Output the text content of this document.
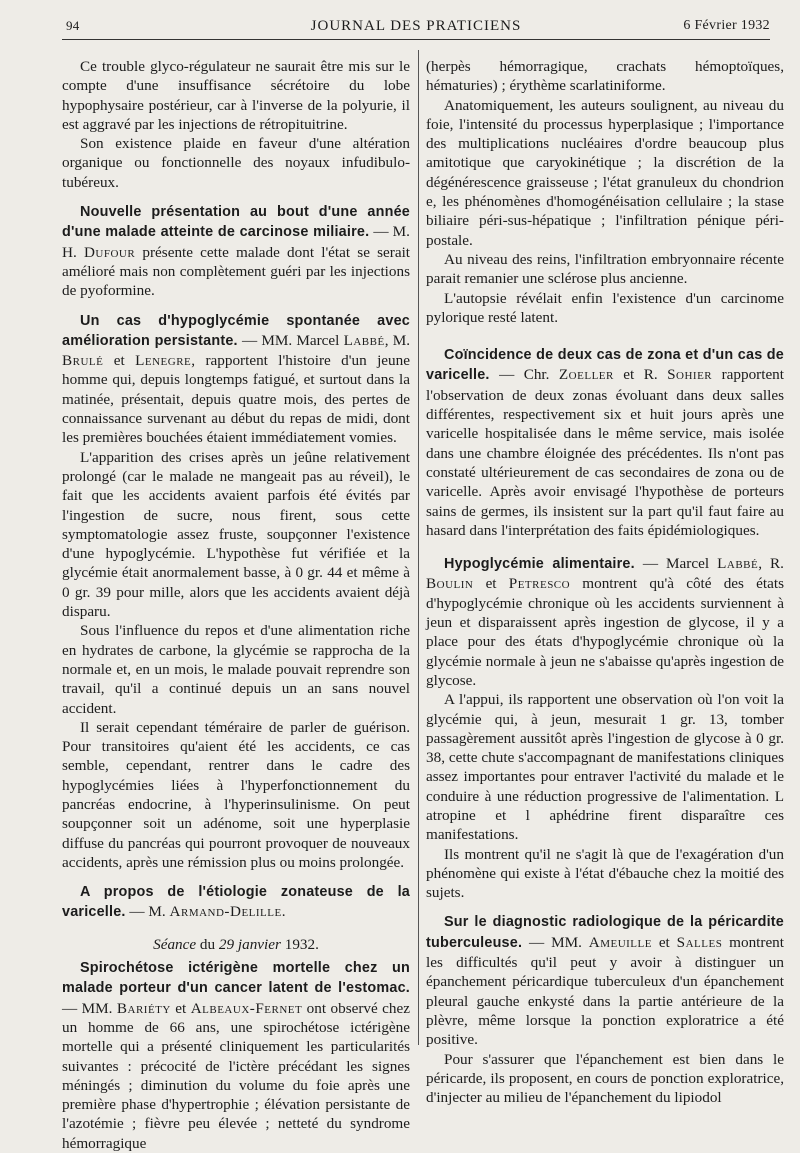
94	JOURNAL DES PRATICIENS	6 Février 1932

Ce trouble glyco-régulateur ne saurait être mis sur le compte d'une insuffisance sécrétoire du lobe hypophysaire postérieur, car à l'inverse de la polyurie, il est aggravé par les injections de rétropituitrine.

Son existence plaide en faveur d'une altération organique ou fonctionnelle des noyaux infudibulo-tubéreux.

Nouvelle présentation au bout d'une année d'une malade atteinte de carcinose miliaire. — M. H. Dufour présente cette malade dont l'état se serait amélioré mais non complètement guéri par les injections de pyoformine.

Un cas d'hypoglycémie spontanée avec amélioration persistante. — MM. Marcel Labbé, M. Brulé et Lenegre, rapportent l'histoire d'un jeune homme qui, depuis longtemps fatigué, et surtout dans la matinée, présentait, depuis quatre mois, des pertes de connaissance survenant au début du repas de midi, dont les premières bouchées étaient immédiatement vomies.

L'apparition des crises après un jeûne relativement prolongé (car le malade ne mangeait pas au réveil), le fait que les accidents avaient parfois été évités par l'ingestion de sucre, nous firent, sous cette symptomatologie assez fruste, soupçonner l'existence d'une hypoglycémie. L'hypothèse fut vérifiée et la glycémie était anormalement basse, à 0 gr. 44 et même à 0 gr. 39 pour mille, alors que les accidents avaient déjà disparu.

Sous l'influence du repos et d'une alimentation riche en hydrates de carbone, la glycémie se rapprocha de la normale et, en un mois, le malade pouvait reprendre son travail, qu'il a continué depuis un an sans nouvel accident.

Il serait cependant téméraire de parler de guérison. Pour transitoires qu'aient été les accidents, ce cas semble, cependant, rentrer dans le cadre des hypoglycémies liées à l'hyperfonctionnement du pancréas endocrine, à l'hyperinsulinisme. On peut soupçonner soit un adénome, soit une hyperplasie diffuse du pancréas qui pourront provoquer de nouveaux accidents, après une rémission plus ou moins prolongée.

A propos de l'étiologie zonateuse de la varicelle. — M. Armand-Delille.

Séance du 29 janvier 1932.

Spirochétose ictérigène mortelle chez un malade porteur d'un cancer latent de l'estomac. — MM. Bariéty et Albeaux-Fernet ont observé chez un homme de 66 ans, une spirochétose ictérigène mortelle qui a présenté cliniquement les particularités suivantes : précocité de l'ictère précédant les signes méningés ; diminution du volume du foie après une première phase d'hypertrophie ; élévation persistante de l'azotémie ; fièvre peu élevée ; netteté du syndrome hémorragique

(herpès hémorragique, crachats hémoptoïques, hématuries) ; érythème scarlatiniforme.

Anatomiquement, les auteurs soulignent, au niveau du foie, l'intensité du processus hyperplasique ; l'importance des multiplications nucléaires d'ordre beaucoup plus amitotique que caryokinétique ; la discrétion de la dégénérescence graisseuse ; l'état granuleux du chondrion e, les phénomènes d'homogénéisation cellulaire ; la stase biliaire péri-sus-hépatique ; l'infiltration pénique péri-postale.

Au niveau des reins, l'infiltration embryonnaire récente parait remanier une sclérose plus ancienne.

L'autopsie révélait enfin l'existence d'un carcinome pylorique resté latent.

Coïncidence de deux cas de zona et d'un cas de varicelle. — Chr. Zoeller et R. Sohier rapportent l'observation de deux zonas évoluant dans deux salles différentes, respectivement six et huit jours après une varicelle hospitalisée dans le même service, mais isolée dans une chambre éloignée des précédentes. Ils n'ont pas constaté ultérieurement de cas secondaires de zona ou de varicelle. Après avoir envisagé l'hypothèse de porteurs sains de germes, ils insistent sur la part qu'il faut faire au hasard dans l'interprétation des faits épidémiologiques.

Hypoglycémie alimentaire. — Marcel Labbé, R. Boulin et Petresco montrent qu'à côté des états d'hypoglycémie chronique où les accidents surviennent à jeun et disparaissent après ingestion de glycose, il y a place pour des états d'hypoglycémie chronique où la glycémie normale à jeun ne s'abaisse qu'après ingestion de glycose.

A l'appui, ils rapportent une observation où l'on voit la glycémie qui, à jeun, mesurait 1 gr. 13, tomber passagèrement aussitôt après l'ingestion de glycose à 0 gr. 38, cette chute s'accompagnant de manifestations cliniques assez importantes pour entraver l'activité du malade et le conduire à une réduction progressive de l'alimentation. L atropine et l aphédrine firent disparaître ces manifestations.

Ils montrent qu'il ne s'agit là que de l'exagération d'un phénomène qui existe à l'état d'ébauche chez la moitié des sujets.

Sur le diagnostic radiologique de la péricardite tuberculeuse. — MM. Ameuille et Salles montrent les difficultés qu'il peut y avoir à distinguer un épanchement péricardique tuberculeux d'un épanchement pleural gauche enkysté dans la partie antérieure de la plèvre, même lorsque la ponction exploratrice a été positive.

Pour s'assurer que l'épanchement est bien dans le péricarde, ils proposent, en cours de ponction exploratrice, d'injecter au milieu de l'épanchement du lipiodol
